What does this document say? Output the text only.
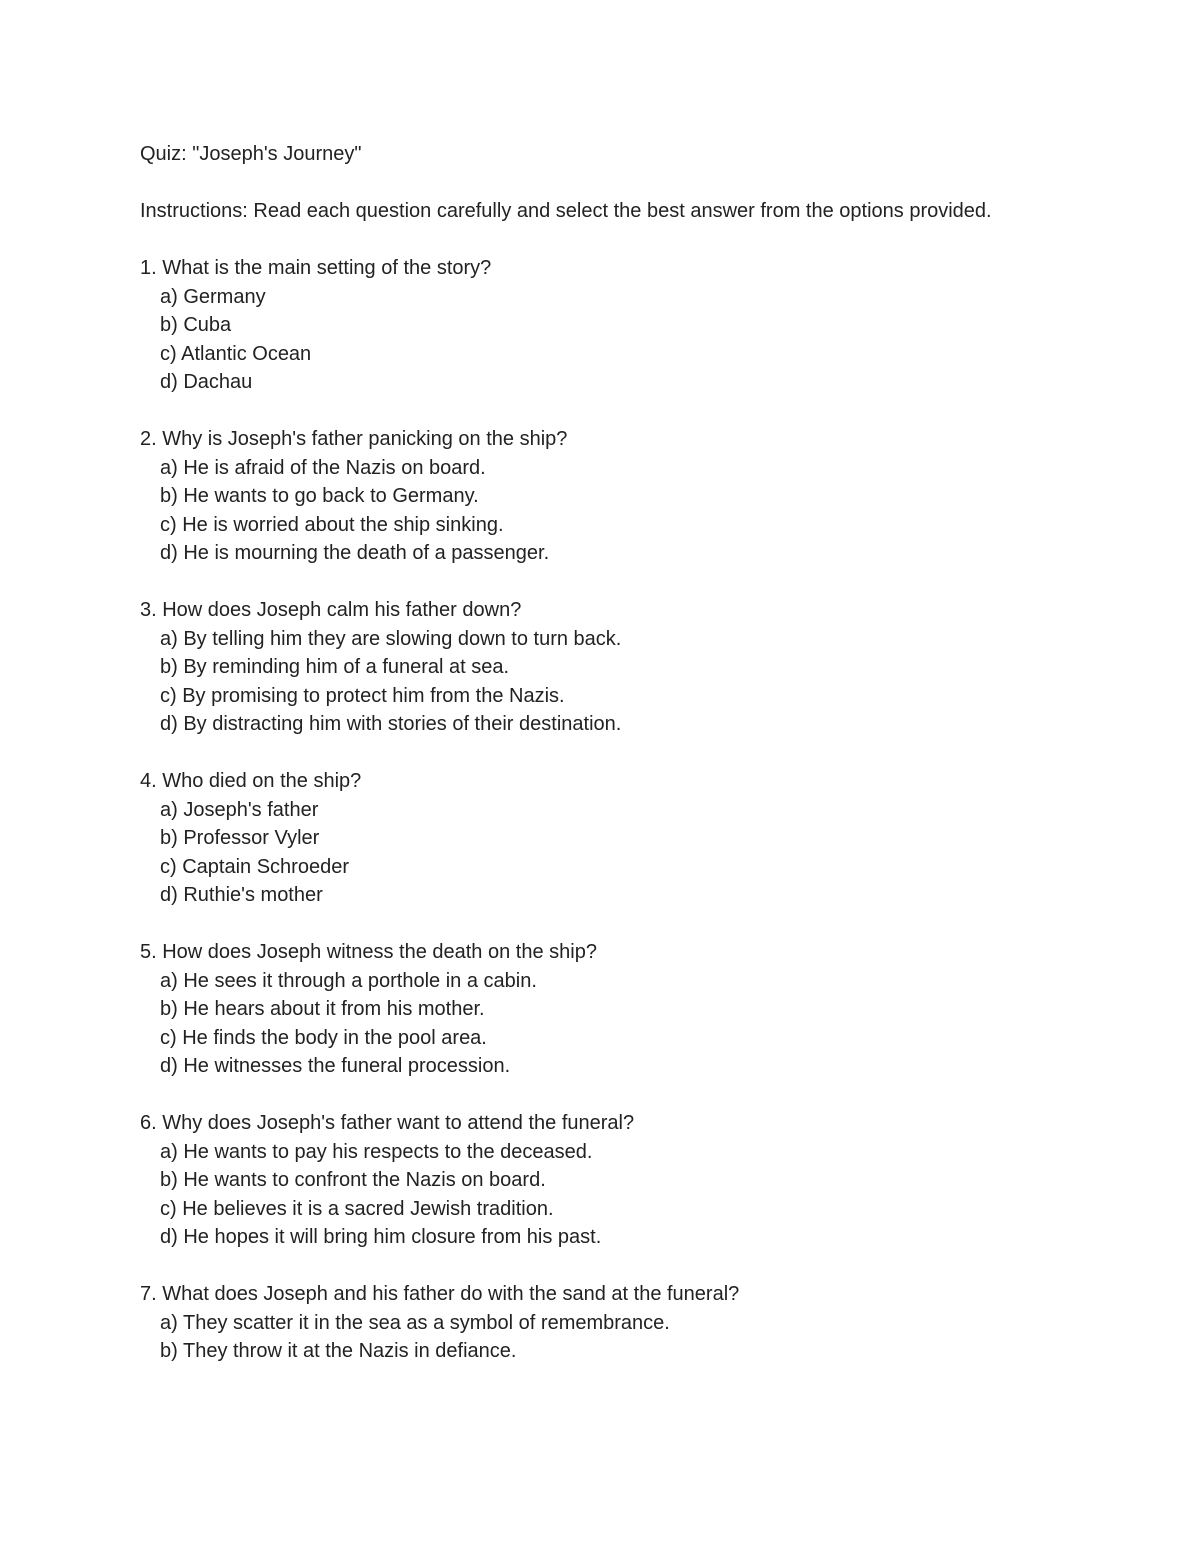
Quiz: "Joseph's Journey"

Instructions: Read each question carefully and select the best answer from the options provided.

1. What is the main setting of the story?

a) Germany

b) Cuba

c) Atlantic Ocean

d) Dachau

2. Why is Joseph's father panicking on the ship?

a) He is afraid of the Nazis on board.

b) He wants to go back to Germany.

c) He is worried about the ship sinking.

d) He is mourning the death of a passenger.

3. How does Joseph calm his father down?

a) By telling him they are slowing down to turn back.

b) By reminding him of a funeral at sea.

c) By promising to protect him from the Nazis.

d) By distracting him with stories of their destination.

4. Who died on the ship?

a) Joseph's father

b) Professor Vyler

c) Captain Schroeder

d) Ruthie's mother

5. How does Joseph witness the death on the ship?

a) He sees it through a porthole in a cabin.

b) He hears about it from his mother.

c) He finds the body in the pool area.

d) He witnesses the funeral procession.

6. Why does Joseph's father want to attend the funeral?

a) He wants to pay his respects to the deceased.

b) He wants to confront the Nazis on board.

c) He believes it is a sacred Jewish tradition.

d) He hopes it will bring him closure from his past.

7. What does Joseph and his father do with the sand at the funeral?

a) They scatter it in the sea as a symbol of remembrance.

b) They throw it at the Nazis in defiance.
